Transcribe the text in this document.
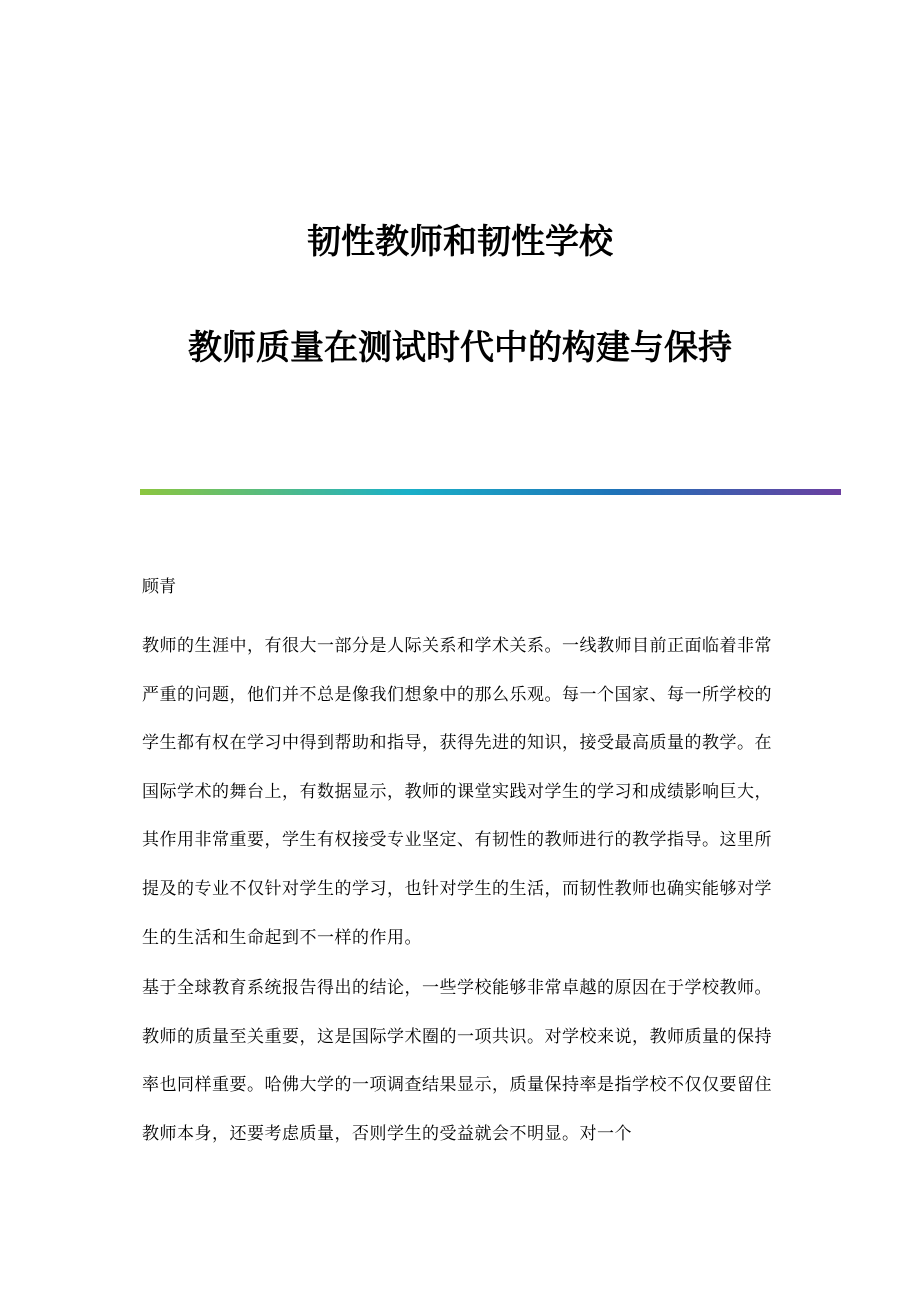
韧性教师和韧性学校
教师质量在测试时代中的构建与保持

顾青

教师的生涯中，有很大一部分是人际关系和学术关系。一线教师目前正面临着非常严重的问题，他们并不总是像我们想象中的那么乐观。每一个国家、每一所学校的学生都有权在学习中得到帮助和指导，获得先进的知识，接受最高质量的教学。在国际学术的舞台上，有数据显示，教师的课堂实践对学生的学习和成绩影响巨大，其作用非常重要，学生有权接受专业坚定、有韧性的教师进行的教学指导。这里所提及的专业不仅针对学生的学习，也针对学生的生活，而韧性教师也确实能够对学生的生活和生命起到不一样的作用。

基于全球教育系统报告得出的结论，一些学校能够非常卓越的原因在于学校教师。教师的质量至关重要，这是国际学术圈的一项共识。对学校来说，教师质量的保持率也同样重要。哈佛大学的一项调查结果显示，质量保持率是指学校不仅仅要留住教师本身，还要考虑质量，否则学生的受益就会不明显。对一个
